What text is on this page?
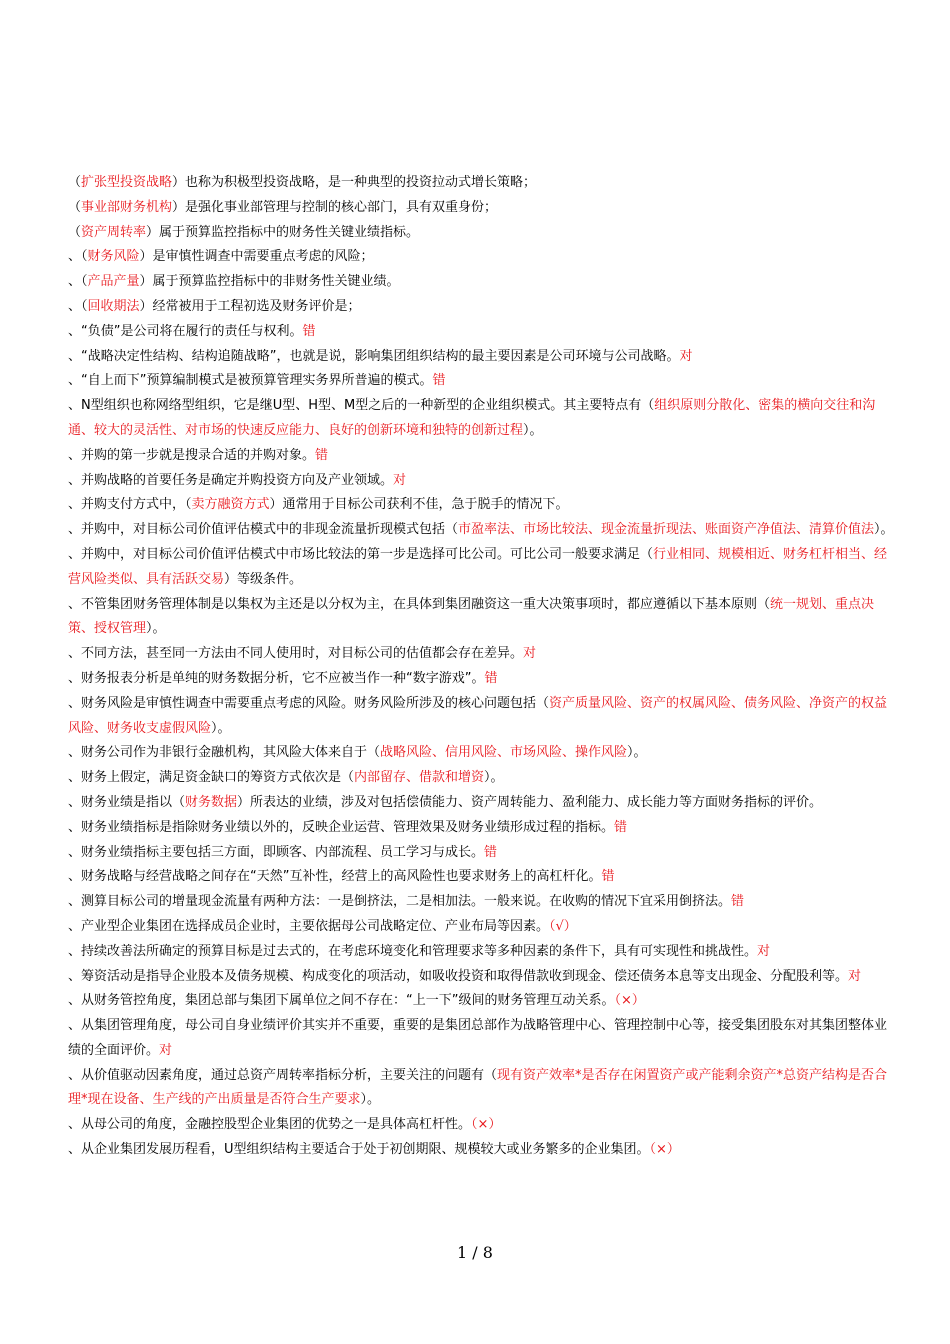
（扩张型投资战略）也称为积极型投资战略，是一种典型的投资拉动式增长策略；

（事业部财务机构）是强化事业部管理与控制的核心部门，具有双重身份；

（资产周转率）属于预算监控指标中的财务性关键业绩指标。

、（财务风险）是审慎性调查中需要重点考虑的风险；

、（产品产量）属于预算监控指标中的非财务性关键业绩。

、（回收期法）经常被用于工程初选及财务评价是；

、“负债”是公司将在履行的责任与权利。错

、“战略决定性结构、结构追随战略”，也就是说，影响集团组织结构的最主要因素是公司环境与公司战略。对

、“自上而下”预算编制模式是被预算管理实务界所普遍的模式。错

、N型组织也称网络型组织，它是继U型、H型、M型之后的一种新型的企业组织模式。其主要特点有（组织原则分散化、密集的横向交往和沟通、较大的灵活性、对市场的快速反应能力、良好的创新环境和独特的创新过程）。

、并购的第一步就是搜录合适的并购对象。错

、并购战略的首要任务是确定并购投资方向及产业领域。对

、并购支付方式中，（卖方融资方式）通常用于目标公司获利不佳，急于脱手的情况下。

、并购中，对目标公司价值评估模式中的非现金流量折现模式包括（市盈率法、市场比较法、现金流量折现法、账面资产净值法、清算价值法）。

、并购中，对目标公司价值评估模式中市场比较法的第一步是选择可比公司。可比公司一般要求满足（行业相同、规模相近、财务杠杆相当、经营风险类似、具有活跃交易）等级条件。

、不管集团财务管理体制是以集权为主还是以分权为主，在具体到集团融资这一重大决策事项时，都应遵循以下基本原则（统一规划、重点决策、授权管理）。

、不同方法，甚至同一方法由不同人使用时，对目标公司的估值都会存在差异。对

、财务报表分析是单纯的财务数据分析，它不应被当作一种“数字游戏”。错

、财务风险是审慎性调查中需要重点考虑的风险。财务风险所涉及的核心问题包括（资产质量风险、资产的权属风险、债务风险、净资产的权益风险、财务收支虚假风险）。

、财务公司作为非银行金融机构，其风险大体来自于（战略风险、信用风险、市场风险、操作风险）。

、财务上假定，满足资金缺口的筹资方式依次是（内部留存、借款和增资）。

、财务业绩是指以（财务数据）所表达的业绩，涉及对包括偿债能力、资产周转能力、盈利能力、成长能力等方面财务指标的评价。

、财务业绩指标是指除财务业绩以外的，反映企业运营、管理效果及财务业绩形成过程的指标。错

、财务业绩指标主要包括三方面，即顾客、内部流程、员工学习与成长。错

、财务战略与经营战略之间存在“天然”互补性，经营上的高风险性也要求财务上的高杠杆化。错

、测算目标公司的增量现金流量有两种方法：一是倒挤法，二是相加法。一般来说。在收购的情况下宜采用倒挤法。错

、产业型企业集团在选择成员企业时，主要依据母公司战略定位、产业布局等因素。（√）

、持续改善法所确定的预算目标是过去式的，在考虑环境变化和管理要求等多种因素的条件下，具有可实现性和挑战性。对

、筹资活动是指导企业股本及债务规模、构成变化的项活动，如吸收投资和取得借款收到现金、偿还债务本息等支出现金、分配股利等。对

、从财务管控角度，集团总部与集团下属单位之间不存在：“上一下”级间的财务管理互动关系。（×）

、从集团管理角度，母公司自身业绩评价其实并不重要，重要的是集团总部作为战略管理中心、管理控制中心等，接受集团股东对其集团整体业绩的全面评价。对

、从价值驱动因素角度，通过总资产周转率指标分析，主要关注的问题有（现有资产效率*是否存在闲置资产或产能剩余资产*总资产结构是否合理*现在设备、生产线的产出质量是否符合生产要求）。

、从母公司的角度，金融控股型企业集团的优势之一是具体高杠杆性。（×）

、从企业集团发展历程看，U型组织结构主要适合于处于初创期限、规模较大或业务繁多的企业集团。（×）

1 / 8
